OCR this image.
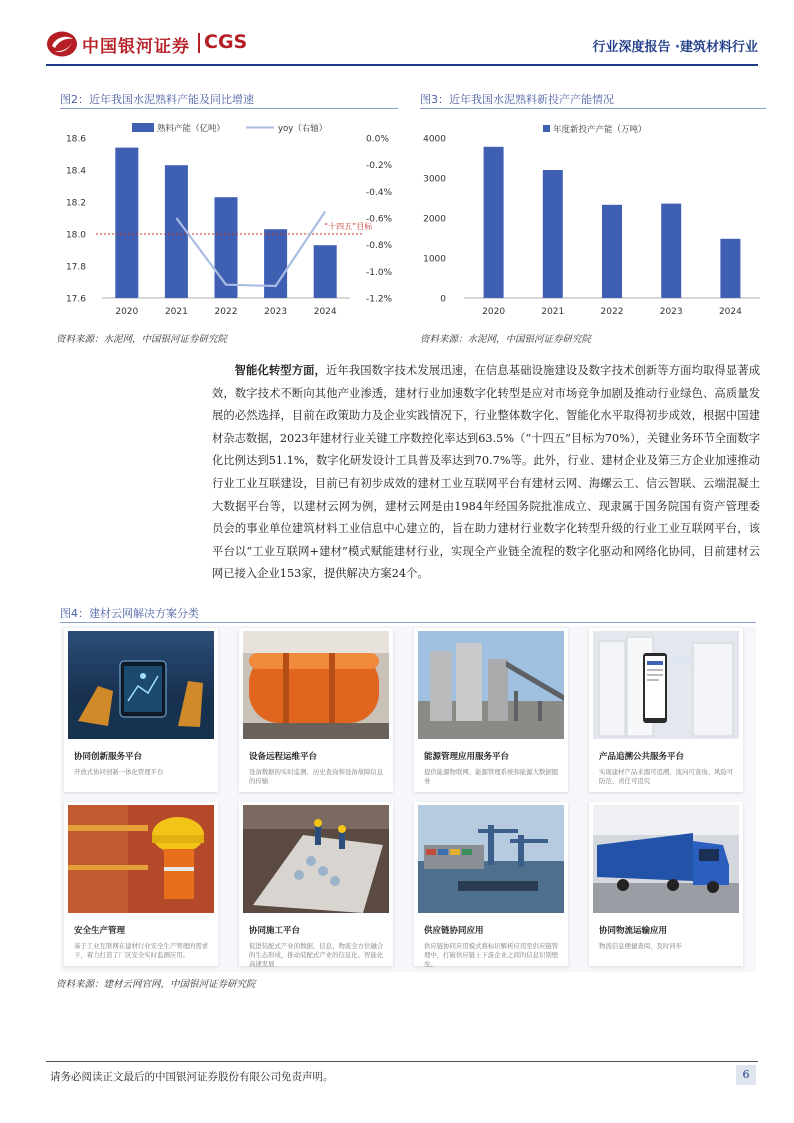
中国银河证券 CGS	行业深度报告 ·建筑材料行业
图2：近年我国水泥熟料产能及同比增速
17.6
17.8
18.0
18.2
18.4
18.6	0.0%
-0.2%
-0.4%
-0.6%
-0.8%
-1.0%
-1.2%
2020	2021	2022	2023	2024
“十四五”目标
熟料产能（亿吨）	yoy（右轴）
资料来源：水泥网，中国银河证券研究院
图3：近年我国水泥熟料新投产产能情况
0
1000
2000
3000
4000
2020	2021	2022	2023	2024
年度新投产产能（万吨）
资料来源：水泥网，中国银河证券研究院

智能化转型方面，近年我国数字技术发展迅速，在信息基础设施建设及数字技术创新等方面均取得显著成效，数字技术不断向其他产业渗透，建材行业加速数字化转型是应对市场竞争加剧及推动行业绿色、高质量发展的必然选择，目前在政策助力及企业实践情况下，行业整体数字化、智能化水平取得初步成效，根据中国建材杂志数据，2023年建材行业关键工序数控化率达到63.5%（“十四五”目标为70%），关键业务环节全面数字化比例达到51.1%，数字化研发设计工具普及率达到70.7%等。此外，行业、建材企业及第三方企业加速推动行业工业互联建设，目前已有初步成效的建材工业互联网平台有建材云网、海螺云工、信云智联、云端混凝土大数据平台等，以建材云网为例，建材云网是由1984年经国务院批准成立、现隶属于国务院国有资产管理委员会的事业单位建筑材料工业信息中心建立的，旨在助力建材行业数字化转型升级的行业工业互联网平台，该平台以“工业互联网+建材”模式赋能建材行业，实现全产业链全流程的数字化驱动和网络化协同，目前建材云网已接入企业153家，提供解决方案24个。

图4：建材云网解决方案分类
协同创新服务平台
开放式协同创新一体化管理平台
设备远程运维平台
设备数据的实时监测、历史查询和设备故障信息的传输
能源管理应用服务平台
提供能源物联网、能源管理系统和能源大数据服务
产品追溯公共服务平台
实现建材产品来源可追溯、流向可查询、风险可防范、责任可追究
安全生产管理
基于工业互联网在建材行业安全生产管理的需求下，着力打造了厂区安全实时监测应用。
协同施工平台
促进装配式产业的数据、信息、物流全方位融合的生态形成，推动装配式产业的信息化、智能化高速发展
供应链协同应用
供应链协同应用模式将标识解析应用至供应链管理中，打破供应链上下游企业之间的信息识别壁垒。
协同物流运输应用
物流信息便捷查阅，及时同步
资料来源：建材云网官网，中国银河证券研究院
请务必阅读正文最后的中国银河证券股份有限公司免责声明。	6
